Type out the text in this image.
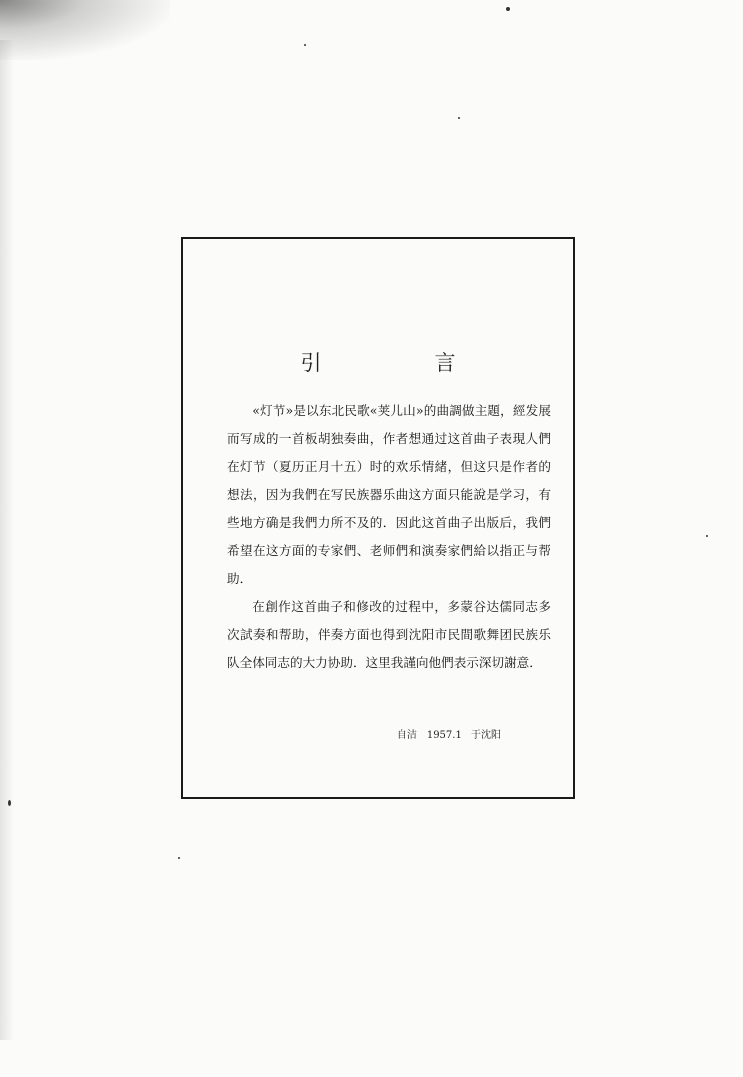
引　言

«灯节»是以东北民歌«荚儿山»的曲調做主題，經发展而写成的一首板胡独奏曲，作者想通过这首曲子表現人們在灯节（夏历正月十五）时的欢乐情緒，但这只是作者的想法，因为我們在写民族器乐曲这方面只能說是学习，有些地方确是我們力所不及的．因此这首曲子出版后，我們希望在这方面的专家們、老师們和演奏家們給以指正与帮助．

在創作这首曲子和修改的过程中，多蒙谷达儒同志多次試奏和帮助，伴奏方面也得到沈阳市民間歌舞团民族乐队全体同志的大力协助．这里我謹向他們表示深切謝意．

自洁　1957.1 于沈阳
